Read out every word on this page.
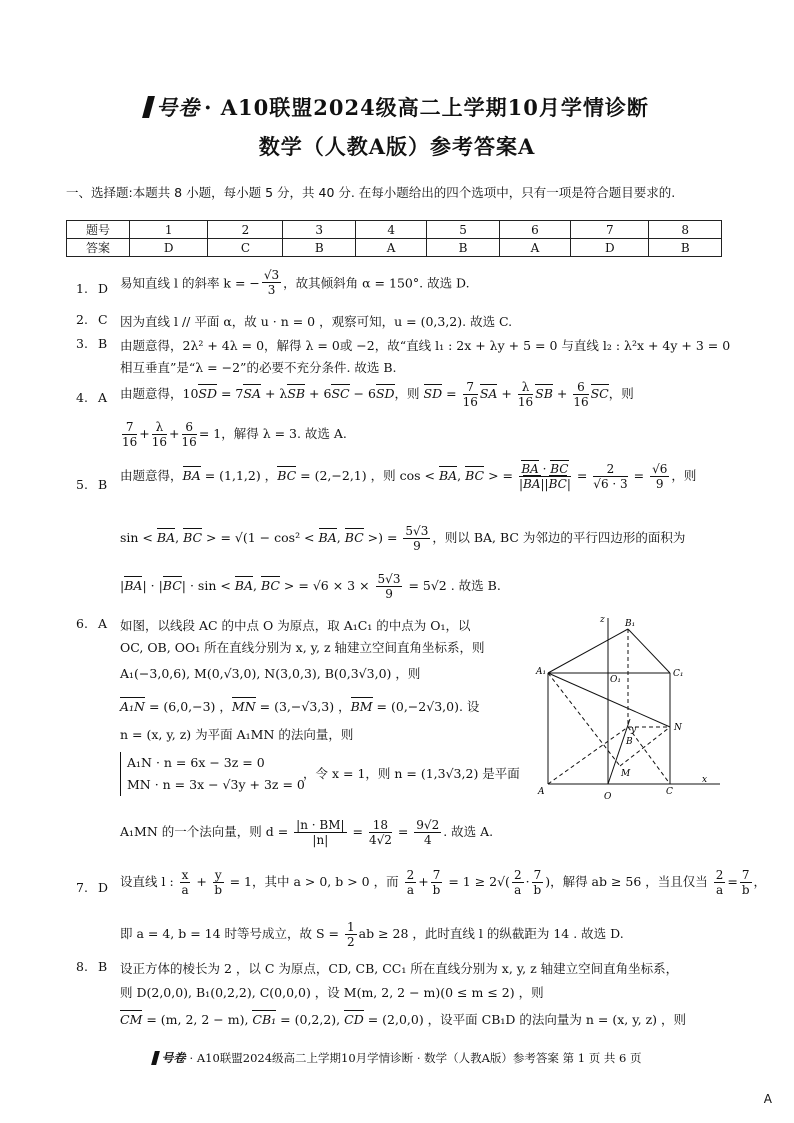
号卷 · A10联盟2024级高二上学期10月学情诊断
数学（人教A版）参考答案A
一、选择题:本题共 8 小题，每小题 5 分，共 40 分. 在每小题给出的四个选项中，只有一项是符合题目要求的.
题号	1	2	3	4	5	6	7	8
答案	D	C	B	A	B	A	D	B
1. D 易知直线 l 的斜率 k = − $\frac{√3}{3}$ ，故其倾斜角 α = 150°. 故选 D.
2. C 因为直线 l // 平面 α，故 u · n = 0 ，观察可知，u = (0,3,2). 故选 C.
3. B 由题意得，2λ² + 4λ = 0，解得 λ = 0或 −2，故“直线 l₁ : 2x + λy + 5 = 0 与直线 l₂ : λ²x + 4y + 3 = 0
相互垂直”是“λ = −2”的必要不充分条件. 故选 B.
4. A 由题意得，10SD = 7SA + λSB + 6SC − 6SD，则 SD = $\frac{7}{16}$ SA + $\frac{\lambda}{16}$ SB + $\frac{6}{16}$ SC，则
$\frac{7}{16} + \frac{\lambda}{16} + \frac{6}{16} = 1$，解得 λ = 3. 故选 A.
5. B
由题意得，BA = (1,1,2) ，BC = (2,−2,1) ，则 cos < BA, BC > = $\frac{BA \cdot BC}{|BA||BC|} = \frac{2}{√6 \cdot 3} = \frac{√6}{9}$ ，则
sin < BA, BC > = √(1 − cos² < BA, BC >) = $\frac{5√3}{9}$ ，则以 BA, BC 为邻边的平行四边形的面积为
|BA| · |BC| · sin < BA, BC > = $√6 \times 3 \times \frac{5√3}{9} = 5√2$ . 故选 B.
6. A 如图，以线段 AC 的中点 O 为原点，取 A₁C₁ 的中点为 O₁，以
OC, OB, OO₁ 所在直线分别为 x, y, z 轴建立空间直角坐标系，则
A₁(−3,0,6), M(0,√3,0), N(3,0,3), B(0,3√3,0) ，则
A₁N = (6,0,−3) ，MN = (3,−√3,3) ，BM = (0,−2√3,0). 设
n = (x, y, z) 为平面 A₁MN 的法向量，则
A₁N · n = 6x − 3z = 0
MN · n = 3x − √3y + 3z = 0
，令 x = 1，则 n = (1,3√3,2) 是平面
A₁MN 的一个法向量，则 $d = \frac{|n \cdot BM|}{|n|} = \frac{18}{4√2} = \frac{9√2}{4}$ . 故选 A.
z B₁
A₁
O₁
C₁
N
y
B
M
A	O	C
x
7. D 设直线 l : $\frac{x}{a} + \frac{y}{b} = 1$，其中 a > 0, b > 0 ，而 $\frac{2}{a} + \frac{7}{b} = 1 \ge 2√( \frac{2}{a} \cdot \frac{7}{b}$ )，解得 ab ≥ 56 ，当且仅当 $\frac{2}{a} = \frac{7}{b}$ ，
即 a = 4, b = 14 时等号成立，故 $S = \frac{1}{2}$ ab ≥ 28 ，此时直线 l 的纵截距为 14 . 故选 D.
8. B 设正方体的棱长为 2 ，以 C 为原点，CD, CB, CC₁ 所在直线分别为 x, y, z 轴建立空间直角坐标系，
则 D(2,0,0), B₁(0,2,2), C(0,0,0) ，设 M(m, 2, 2 − m)(0 ≤ m ≤ 2) ，则
CM = (m, 2, 2 − m), CB₁ = (0,2,2), CD = (2,0,0) ，设平面 CB₁D 的法向量为 n = (x, y, z) ，则
号卷 · A10联盟2024级高二上学期10月学情诊断 · 数学（人教A版）参考答案 第 1 页 共 6 页
A
